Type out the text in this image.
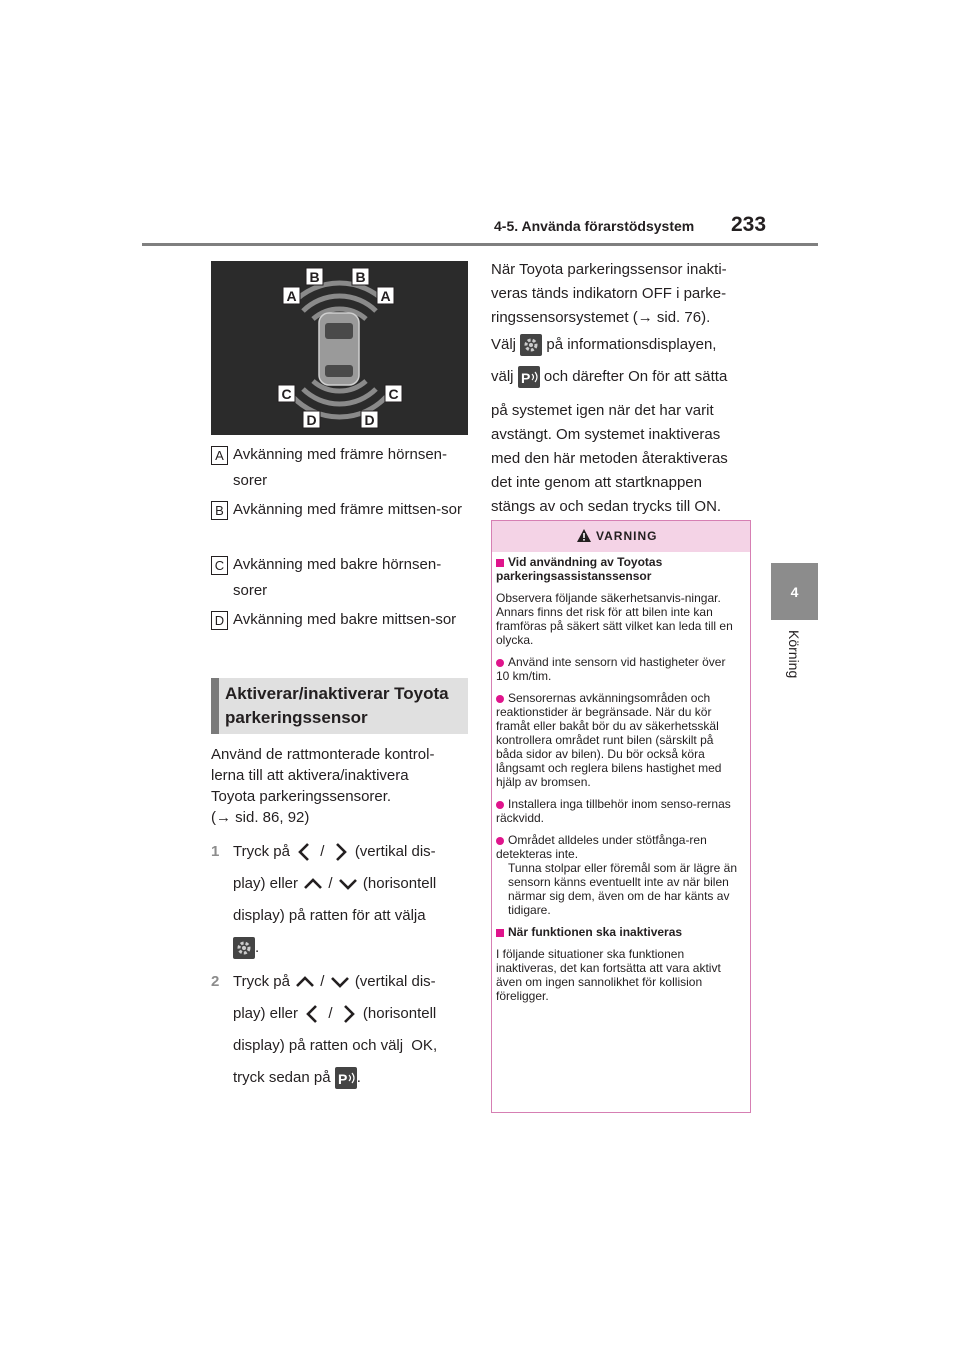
4-5. Använda förarstödsystem 233
4
Körning
A
B	B
A
C	C
D	D
A Avkänning med främre hörnsen-sorer
B Avkänning med främre mittsen-sor
C Avkänning med bakre hörnsen-sorer
D Avkänning med bakre mittsen-sor
Aktiverar/inaktiverar Toyota parkeringssensor
Använd de rattmonterade kontrol-
lerna till att aktivera/inaktivera
Toyota parkeringssensorer.
(→ sid. 86, 92)
1 Tryck på / (vertikal dis-
play) eller / (horisontell
display) på ratten för att välja

.
2 Tryck på / (vertikal dis-
play) eller / (horisontell
display) på ratten och välj OK,
tryck sedan på P .
När Toyota parkeringssensor inakti-
veras tänds indikatorn OFF i parke-
ringssensorsystemet (→ sid. 76).
Välj på informationsdisplayen,
välj P och därefter On för att sätta
på systemet igen när det har varit
avstängt. Om systemet inaktiveras
med den här metoden återaktiveras
det inte genom att startknappen
stängs av och sedan trycks till ON.
VARNING
Vid användning av Toyotas parkeringsassistanssensor
Observera följande säkerhetsanvis-ningar.
Annars finns det risk för att bilen inte kan framföras på säkert sätt vilket kan leda till en olycka.
Använd inte sensorn vid hastigheter över 10 km/tim.
Sensorernas avkänningsområden och reaktionstider är begränsade. När du kör framåt eller bakåt bör du av säkerhetsskäl kontrollera området runt bilen (särskilt på båda sidor av bilen). Du bör också köra långsamt och reglera bilens hastighet med hjälp av bromsen.
Installera inga tillbehör inom senso-rernas räckvidd.
Området alldeles under stötfånga-ren detekteras inte.
Tunna stolpar eller föremål som är lägre än sensorn känns eventuellt inte av när bilen närmar sig dem, även om de har känts av tidigare.
När funktionen ska inaktiveras
I följande situationer ska funktionen inaktiveras, det kan fortsätta att vara aktivt även om ingen sannolikhet för kollision föreligger.
